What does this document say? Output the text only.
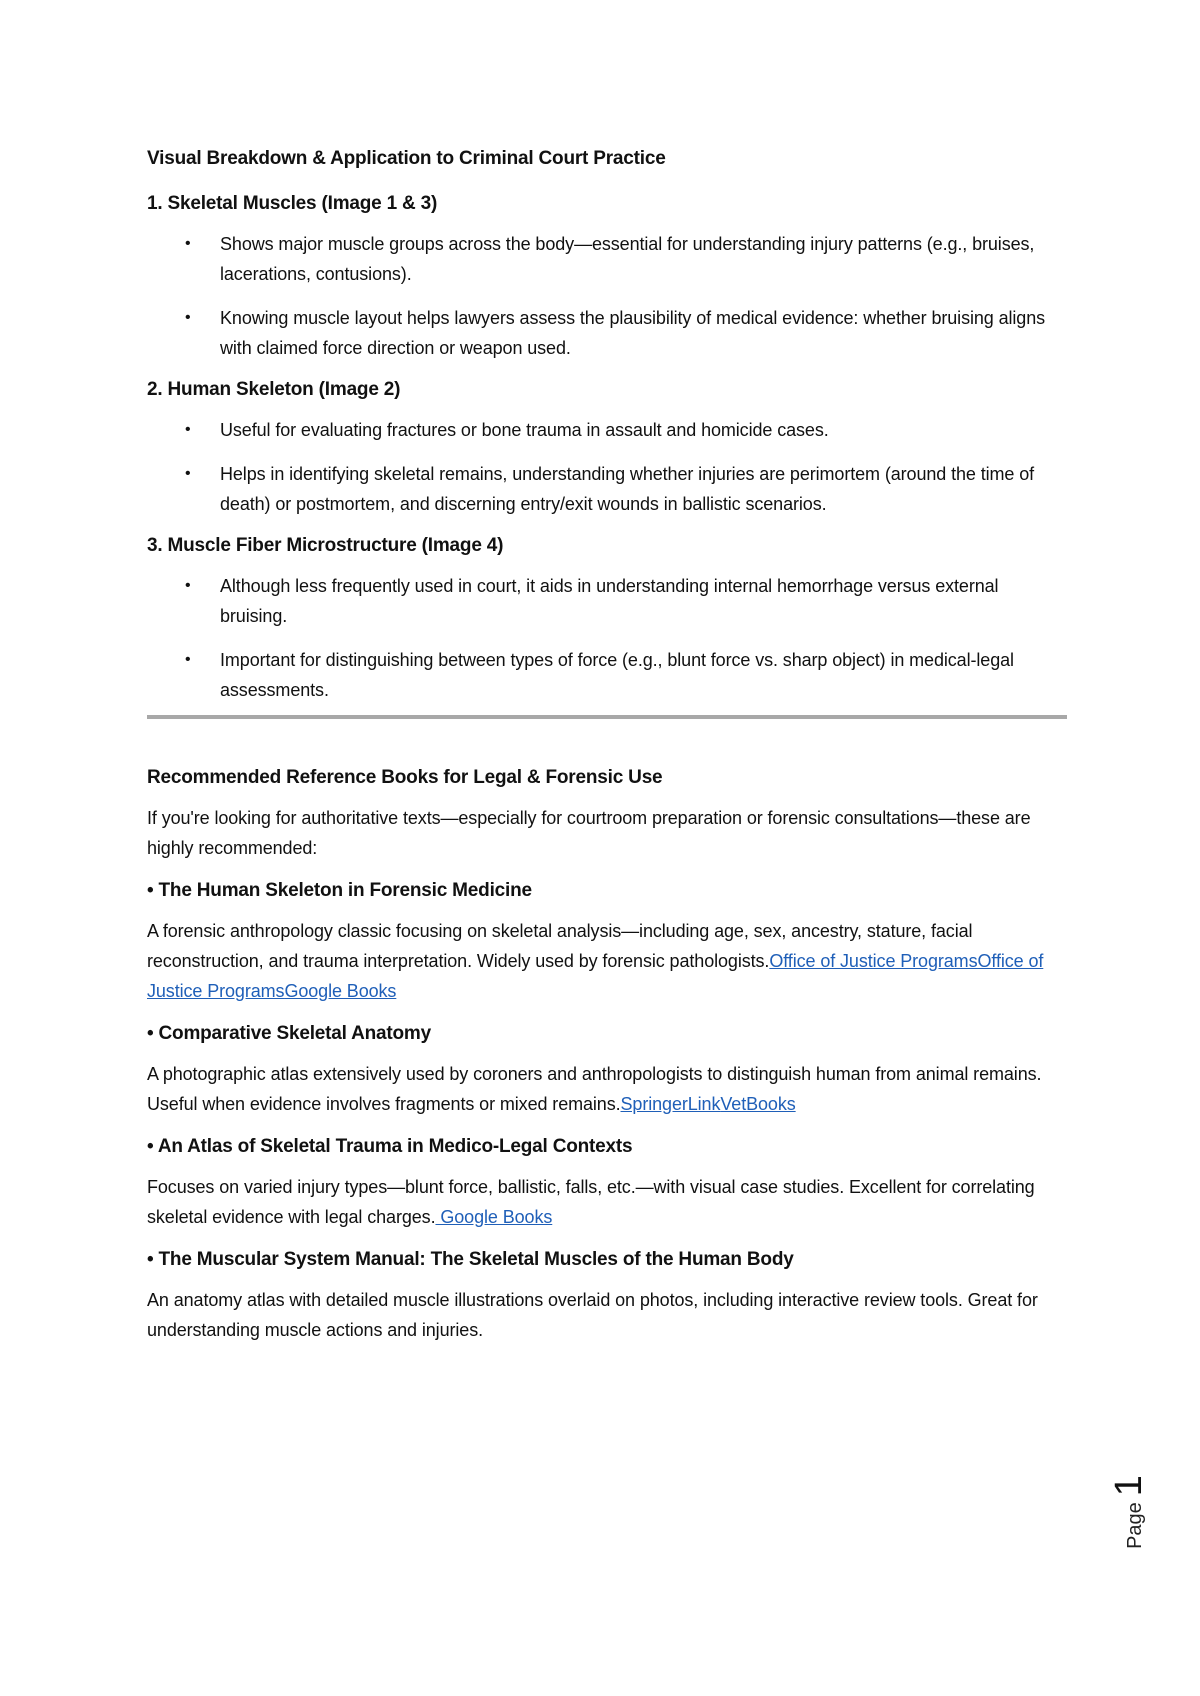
Visual Breakdown & Application to Criminal Court Practice

1. Skeletal Muscles (Image 1 & 3)
• Shows major muscle groups across the body—essential for understanding injury patterns (e.g., bruises, lacerations, contusions).
• Knowing muscle layout helps lawyers assess the plausibility of medical evidence: whether bruising aligns with claimed force direction or weapon used.
2. Human Skeleton (Image 2)
• Useful for evaluating fractures or bone trauma in assault and homicide cases.
• Helps in identifying skeletal remains, understanding whether injuries are perimortem (around the time of death) or postmortem, and discerning entry/exit wounds in ballistic scenarios.
3. Muscle Fiber Microstructure (Image 4)
• Although less frequently used in court, it aids in understanding internal hemorrhage versus external bruising.
• Important for distinguishing between types of force (e.g., blunt force vs. sharp object) in medical-legal assessments.
Recommended Reference Books for Legal & Forensic Use

If you're looking for authoritative texts—especially for courtroom preparation or forensic consultations—these are highly recommended:

• The Human Skeleton in Forensic Medicine

A forensic anthropology classic focusing on skeletal analysis—including age, sex, ancestry, stature, facial reconstruction, and trauma interpretation. Widely used by forensic pathologists.Office of Justice ProgramsOffice of Justice ProgramsGoogle Books

• Comparative Skeletal Anatomy

A photographic atlas extensively used by coroners and anthropologists to distinguish human from animal remains. Useful when evidence involves fragments or mixed remains.SpringerLinkVetBooks

• An Atlas of Skeletal Trauma in Medico-Legal Contexts

Focuses on varied injury types—blunt force, ballistic, falls, etc.—with visual case studies. Excellent for correlating skeletal evidence with legal charges. Google Books

• The Muscular System Manual: The Skeletal Muscles of the Human Body

An anatomy atlas with detailed muscle illustrations overlaid on photos, including interactive review tools. Great for understanding muscle actions and injuries.

Page
1
